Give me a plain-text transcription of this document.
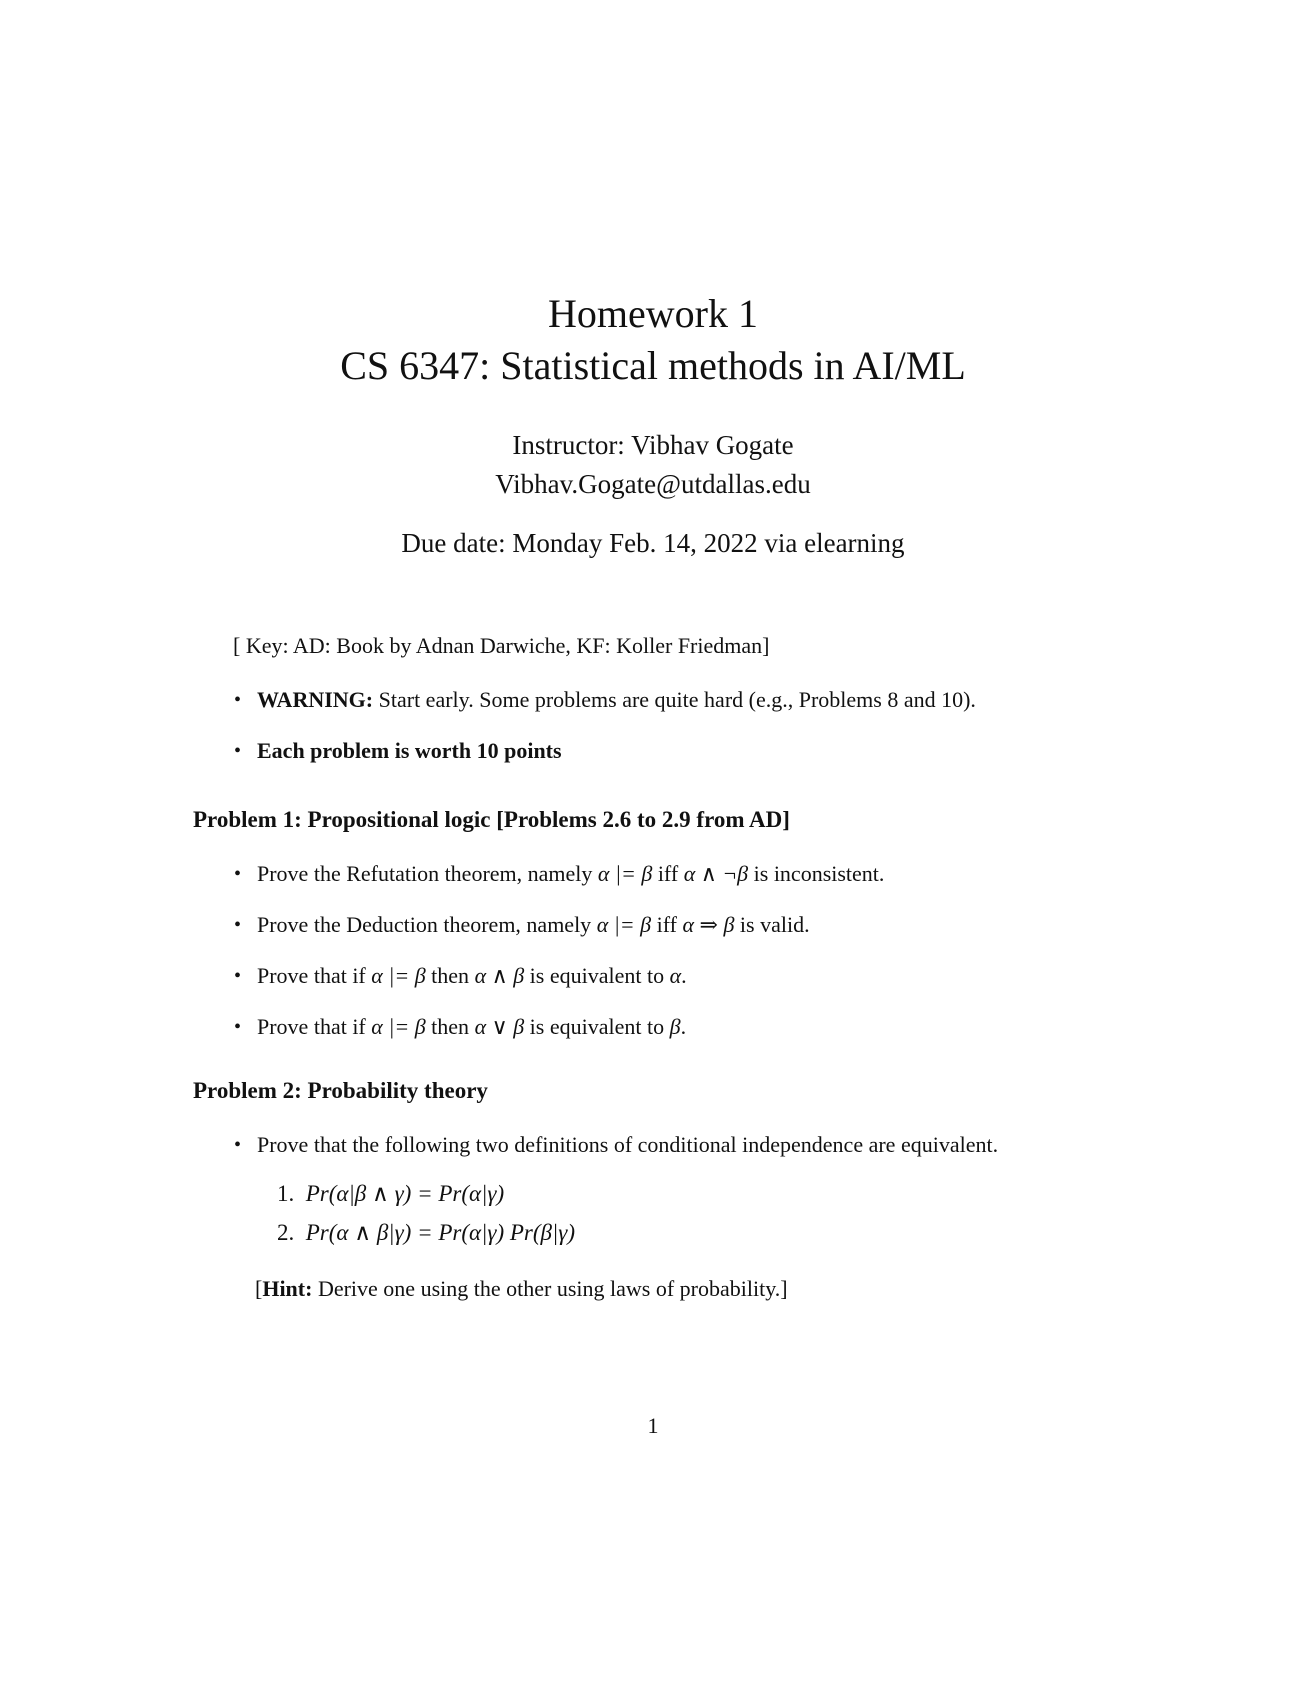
Homework 1
CS 6347: Statistical methods in AI/ML
Instructor: Vibhav Gogate
Vibhav.Gogate@utdallas.edu
Due date: Monday Feb. 14, 2022 via elearning
[ Key: AD: Book by Adnan Darwiche, KF: Koller Friedman]
• WARNING: Start early. Some problems are quite hard (e.g., Problems 8 and 10).
• Each problem is worth 10 points
Problem 1: Propositional logic [Problems 2.6 to 2.9 from AD]
• Prove the Refutation theorem, namely α |= β iff α ∧ ¬β is inconsistent.
• Prove the Deduction theorem, namely α |= β iff α ⇒ β is valid.
• Prove that if α |= β then α ∧ β is equivalent to α.
• Prove that if α |= β then α ∨ β is equivalent to β.
Problem 2: Probability theory
• Prove that the following two definitions of conditional independence are equivalent.
1. Pr(α|β ∧ γ) = Pr(α|γ)
2. Pr(α ∧ β|γ) = Pr(α|γ) Pr(β|γ)
[Hint: Derive one using the other using laws of probability.]
1
